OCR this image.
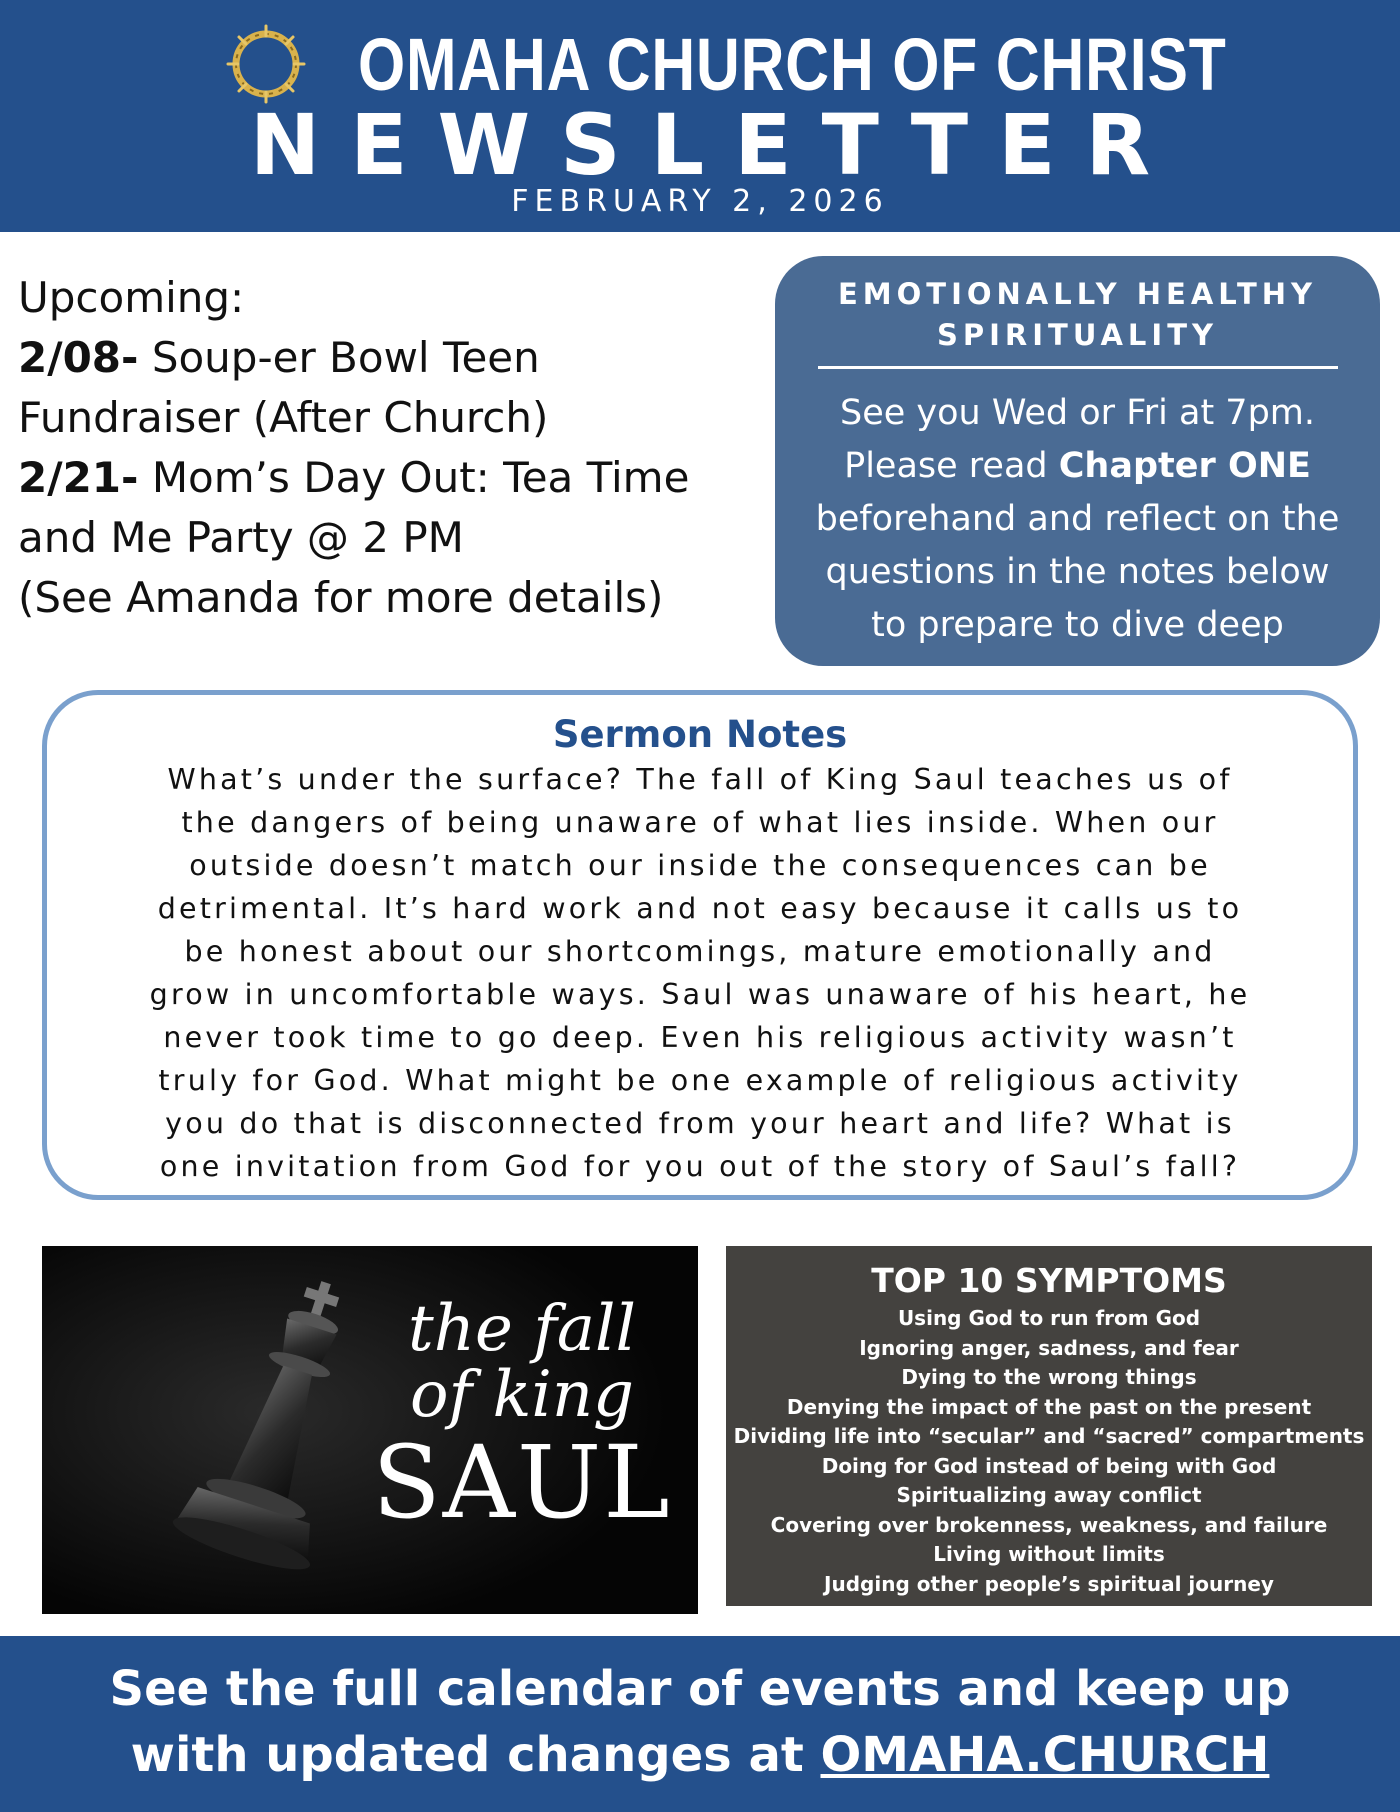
OMAHA CHURCH OF CHRIST
NEWSLETTER
FEBRUARY 2, 2026
Upcoming:
2/08- Soup-er Bowl Teen
Fundraiser (After Church)
2/21- Mom’s Day Out: Tea Time
and Me Party @ 2 PM
(See Amanda for more details)
EMOTIONALLY HEALTHY
SPIRITUALITY
See you Wed or Fri at 7pm.
Please read Chapter ONE
beforehand and reflect on the
questions in the notes below
to prepare to dive deep
Sermon Notes
What’s under the surface? The fall of King Saul teaches us of
the dangers of being unaware of what lies inside. When our
outside doesn’t match our inside the consequences can be
detrimental. It’s hard work and not easy because it calls us to
be honest about our shortcomings, mature emotionally and
grow in uncomfortable ways. Saul was unaware of his heart, he
never took time to go deep. Even his religious activity wasn’t
truly for God. What might be one example of religious activity
you do that is disconnected from your heart and life? What is
one invitation from God for you out of the story of Saul’s fall?
the fall
of king
SAUL
TOP 10 SYMPTOMS
Using God to run from God
Ignoring anger, sadness, and fear
Dying to the wrong things
Denying the impact of the past on the present
Dividing life into “secular” and “sacred” compartments
Doing for God instead of being with God
Spiritualizing away conflict
Covering over brokenness, weakness, and failure
Living without limits
Judging other people’s spiritual journey
See the full calendar of events and keep up
with updated changes at OMAHA.CHURCH
